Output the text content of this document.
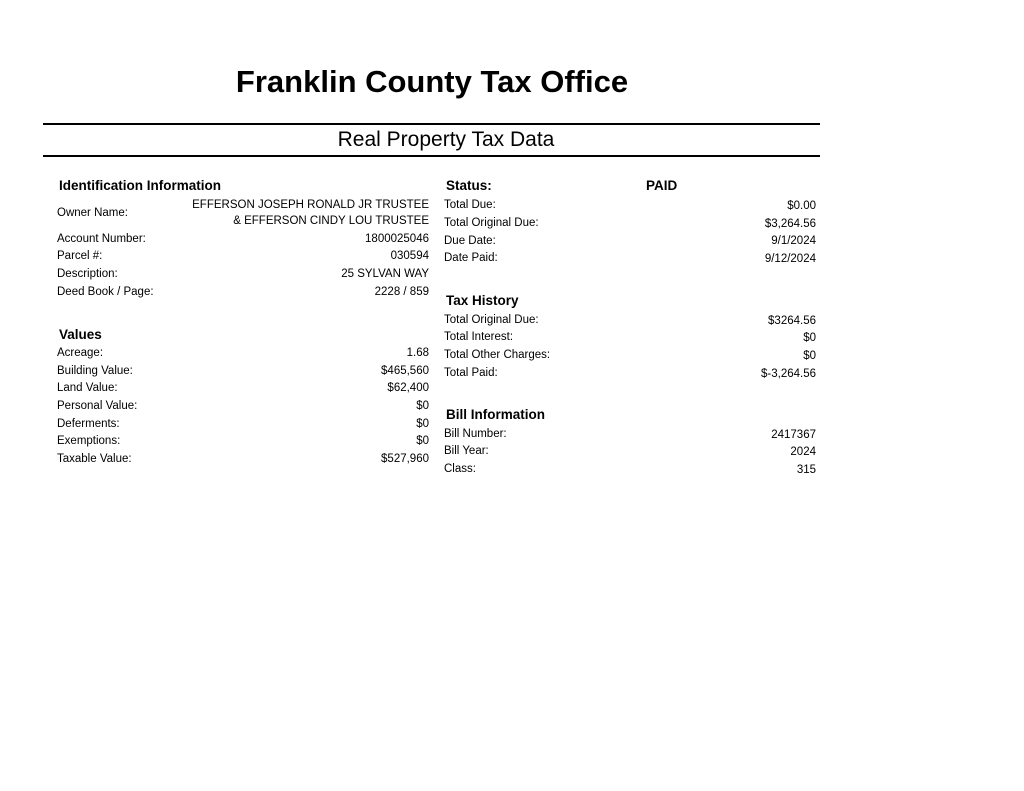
Franklin County Tax Office
Real Property Tax Data
Identification Information
Owner Name:
EFFERSON JOSEPH RONALD JR TRUSTEE
& EFFERSON CINDY LOU TRUSTEE
Account Number:	1800025046
Parcel #:	030594
Description:	25 SYLVAN WAY
Deed Book / Page:	2228 / 859
Values
Acreage:	1.68
Building Value:	$465,560
Land Value:	$62,400
Personal Value:	$0
Deferments:	$0
Exemptions:	$0
Taxable Value:	$527,960
Status:	PAID
Total Due:	$0.00
Total Original Due:	$3,264.56
Due Date:	9/1/2024
Date Paid:	9/12/2024
Tax History
Total Original Due:	$3264.56
Total Interest:	$0
Total Other Charges:	$0
Total Paid:	$-3,264.56
Bill Information
Bill Number:	2417367
Bill Year:	2024
Class:	315
